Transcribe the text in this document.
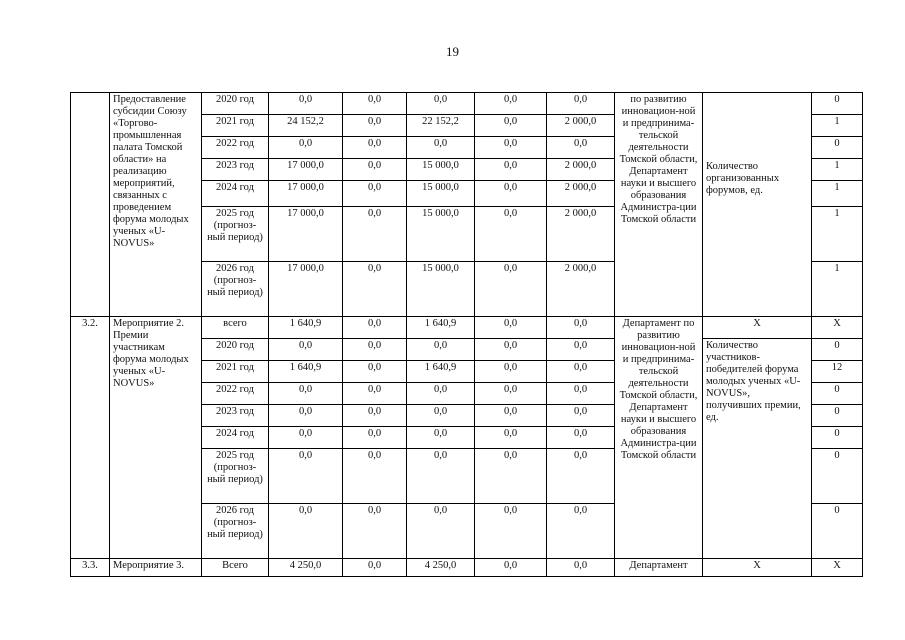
19
	Предоставление субсидии Союзу «Торгово-промышленная палата Томской области» на реализацию мероприятий, связанных с проведением форума молодых ученых «U-NOVUS»	2020 год	0,0	0,0	0,0	0,0	0,0	по развитию инновацион-ной и предпринима-тельской деятельности Томской области, Департамент науки и высшего образования Администра-ции Томской области	Количество организованных форумов, ед.	0
		2021 год	24 152,2	0,0	22 152,2	0,0	2 000,0			1
		2022 год	0,0	0,0	0,0	0,0	0,0			0
		2023 год	17 000,0	0,0	15 000,0	0,0	2 000,0			1
		2024 год	17 000,0	0,0	15 000,0	0,0	2 000,0			1
		2025 год (прогноз-ный период)	17 000,0	0,0	15 000,0	0,0	2 000,0			1
		2026 год (прогноз-ный период)	17 000,0	0,0	15 000,0	0,0	2 000,0			1
3.2.	Мероприятие 2. Премии участникам форума молодых ученых «U-NOVUS»	всего	1 640,9	0,0	1 640,9	0,0	0,0	Департамент по развитию инновацион-ной и предпринима-тельской деятельности Томской области, Департамент науки и высшего образования Администра-ции Томской области	X	X
		2020 год	0,0	0,0	0,0	0,0	0,0		Количество участников-победителей форума молодых ученых «U-NOVUS», получивших премии, ед.	0
		2021 год	1 640,9	0,0	1 640,9	0,0	0,0			12
		2022 год	0,0	0,0	0,0	0,0	0,0			0
		2023 год	0,0	0,0	0,0	0,0	0,0			0
		2024 год	0,0	0,0	0,0	0,0	0,0			0
		2025 год (прогноз-ный период)	0,0	0,0	0,0	0,0	0,0			0
		2026 год (прогноз-ный период)	0,0	0,0	0,0	0,0	0,0			0
3.3.	Мероприятие 3.	Всего	4 250,0	0,0	4 250,0	0,0	0,0	Департамент	X	X
